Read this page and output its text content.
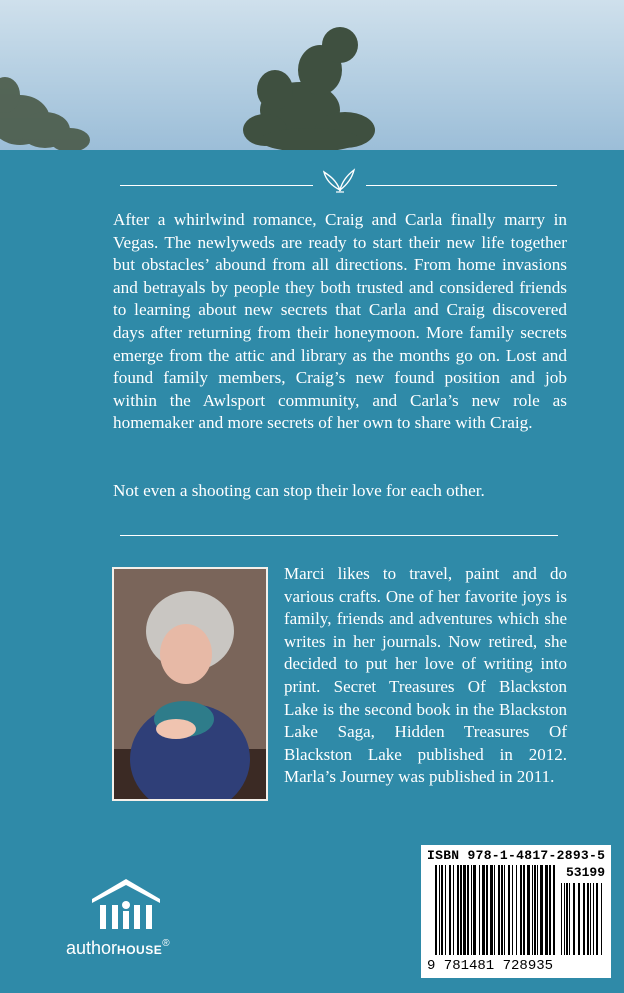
After a whirlwind romance, Craig and Carla finally marry in Vegas. The newlyweds are ready to start their new life together but obstacles’ abound from all directions. From home invasions and betrayals by people they both trusted and considered friends to learning about new secrets that Carla and Craig discovered days after returning from their honeymoon. More family secrets emerge from the attic and library as the months go on. Lost and found family members, Craig’s new found position and job within the Awlsport community, and Carla’s new role as homemaker and more secrets of her own to share with Craig.

Not even a shooting can stop their love for each other.

Marci likes to travel, paint and do various crafts. One of her favorite joys is family, friends and adventures which she writes in her journals. Now retired, she decided to put her love of writing into print. Secret Treasures Of Blackston Lake is the second book in the Blackston Lake Saga, Hidden Treasures Of Blackston Lake published in 2012. Marla’s Journey was published in 2011.

ISBN 978-1-4817-2893-5
53199
9 781481 728935
authorHOUSE®
